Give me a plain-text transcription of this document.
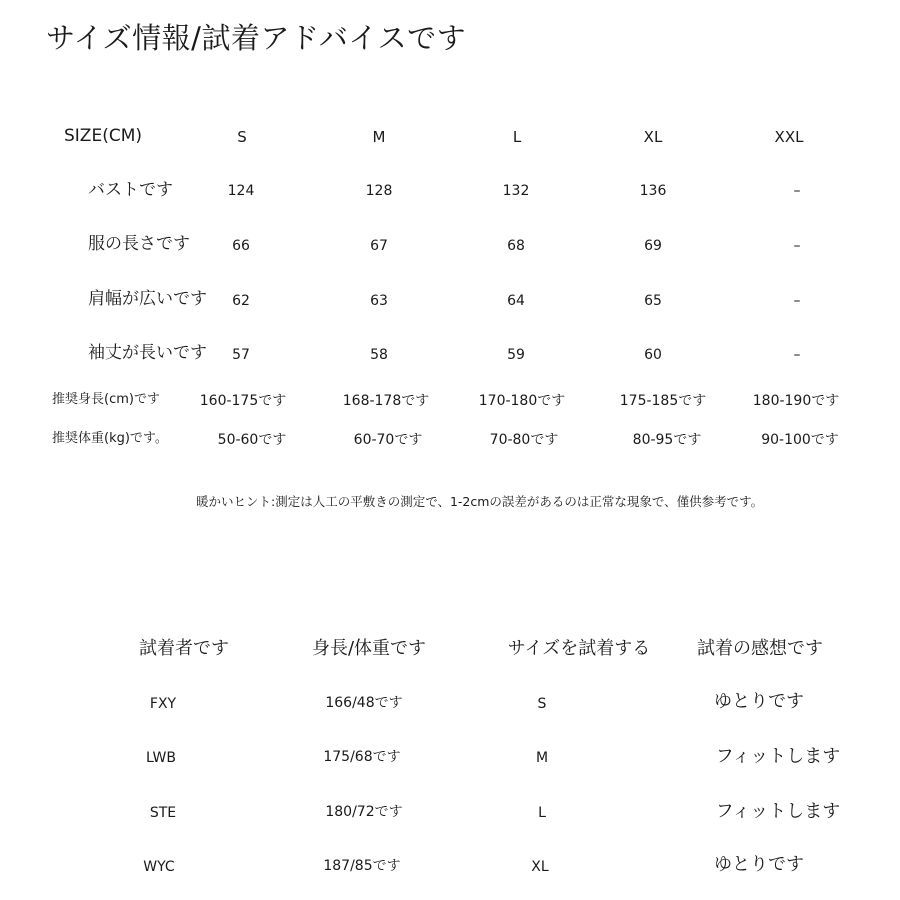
サイズ情報/試着アドバイスです
SIZE(CM)	S	M	L	XL	XXL
バストです	124	128	132	136	–
服の長さです	66	67	68	69	–
肩幅が広いです 62	63	64	65	–
袖丈が長いです 57	58	59	60	–
推奨身長(cm)です	160-175です	168-178です	170-180です	175-185です	180-190です
推奨体重(kg)です。	50-60です	60-70です	70-80です	80-95です	90-100です
暖かいヒント:測定は人工の平敷きの測定で、1-2cmの誤差があるのは正常な現象で、僅供参考です。
試着者です	身長/体重です	サイズを試着する	試着の感想です
FXY	166/48です	S	ゆとりです
LWB	175/68です	M	フィットします
STE	180/72です	L	フィットします
WYC	187/85です	XL	ゆとりです
